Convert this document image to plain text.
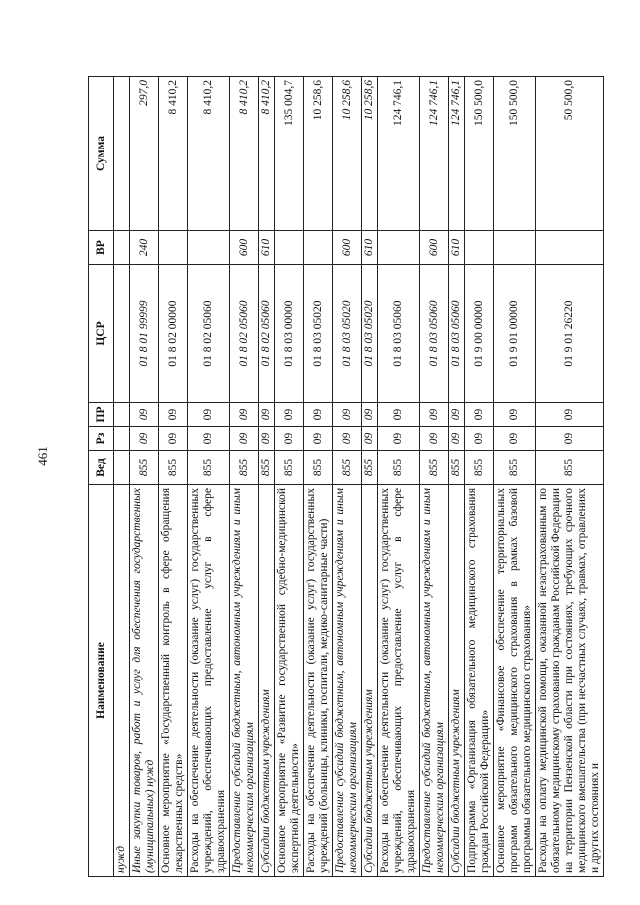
461
Наименование	Вед	Рз	ПР	ЦСР	ВР	Сумма
нужд						
Иные закупки товаров, работ и услуг для обеспечения государственных (муниципальных) нужд	855	09	09	01 8 01 99999	240	297,0
Основное мероприятие «Государственный контроль в сфере обращения лекарственных средств»	855	09	09	01 8 02 00000		8 410,2
Расходы на обеспечение деятельности (оказание услуг) государственных учреждений, обеспечивающих предоставление услуг в сфере здравоохранения	855	09	09	01 8 02 05060		8 410,2
Предоставление субсидий бюджетным, автономным учреждениям и иным некоммерческим организациям	855	09	09	01 8 02 05060	600	8 410,2
Субсидии бюджетным учреждениям	855	09	09	01 8 02 05060	610	8 410,2
Основное мероприятие «Развитие государственной судебно-медицинской экспертной деятельности»	855	09	09	01 8 03 00000		135 004,7
Расходы на обеспечение деятельности (оказание услуг) государственных учреждений (больницы, клиники, госпитали, медико-санитарные части)	855	09	09	01 8 03 05020		10 258,6
Предоставление субсидий бюджетным, автономным учреждениям и иным некоммерческим организациям	855	09	09	01 8 03 05020	600	10 258,6
Субсидии бюджетным учреждениям	855	09	09	01 8 03 05020	610	10 258,6
Расходы на обеспечение деятельности (оказание услуг) государственных учреждений, обеспечивающих предоставление услуг в сфере здравоохранения	855	09	09	01 8 03 05060		124 746,1
Предоставление субсидий бюджетным, автономным учреждениям и иным некоммерческим организациям	855	09	09	01 8 03 05060	600	124 746,1
Субсидии бюджетным учреждениям	855	09	09	01 8 03 05060	610	124 746,1
Подпрограмма «Организация обязательного медицинского страхования граждан Российской Федерации»	855	09	09	01 9 00 00000		150 500,0
Основное мероприятие «Финансовое обеспечение территориальных программ обязательного медицинского страхования в рамках базовой программы обязательного медицинского страхования»	855	09	09	01 9 01 00000		150 500,0
Расходы на оплату медицинской помощи, оказанной незастрахованным по обязательному медицинскому страхованию гражданам Российской Федерации на территории Пензенской области при состояниях, требующих срочного медицинского вмешательства (при несчастных случаях, травмах, отравлениях и других состояниях и	855	09	09	01 9 01 26220		50 500,0
